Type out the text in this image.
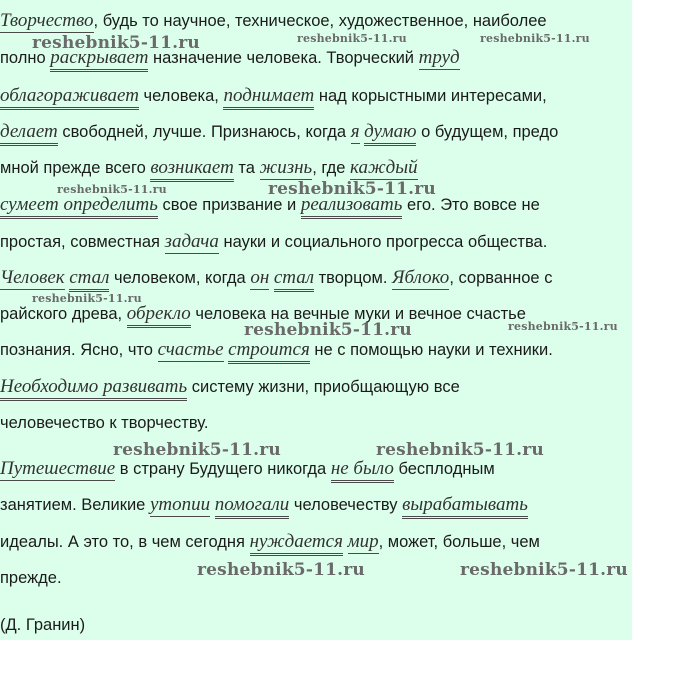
(Д. Гранин)
Творчество, будь то научное, техническое, художественное, наиболее
полно раскрывает назначение человека. Творческий труд
облагораживает человека, поднимает над корыстными интересами,
делает свободней, лучше. Признаюсь, когда я думаю о будущем, предо
мной прежде всего возникает та жизнь, где каждый
сумеет определить свое призвание и реализовать его. Это вовсе не
простая, совместная задача науки и социального прогресса общества.
Человек стал человеком, когда он стал творцом. Яблоко, сорванное с
райского древа, обрекло человека на вечные муки и вечное счастье
познания. Ясно, что счастье строится не с помощью науки и техники.
Необходимо развивать систему жизни, приобщающую все
человечество к творчеству.
Путешествие в страну Будущего никогда не было бесплодным
занятием. Великие утопии помогали человечеству вырабатывать
идеалы. А это то, в чем сегодня нуждается мир, может, больше, чем
прежде.
reshebnik5-11.ru	reshebnik5-11.ru	reshebnik5-11.ru
reshebnik5-11.ru	reshebnik5-11.ru
reshebnik5-11.ru
reshebnik5-11.ru	reshebnik5-11.ru
reshebnik5-11.ru	reshebnik5-11.ru
reshebnik5-11.ru	reshebnik5-11.ru
